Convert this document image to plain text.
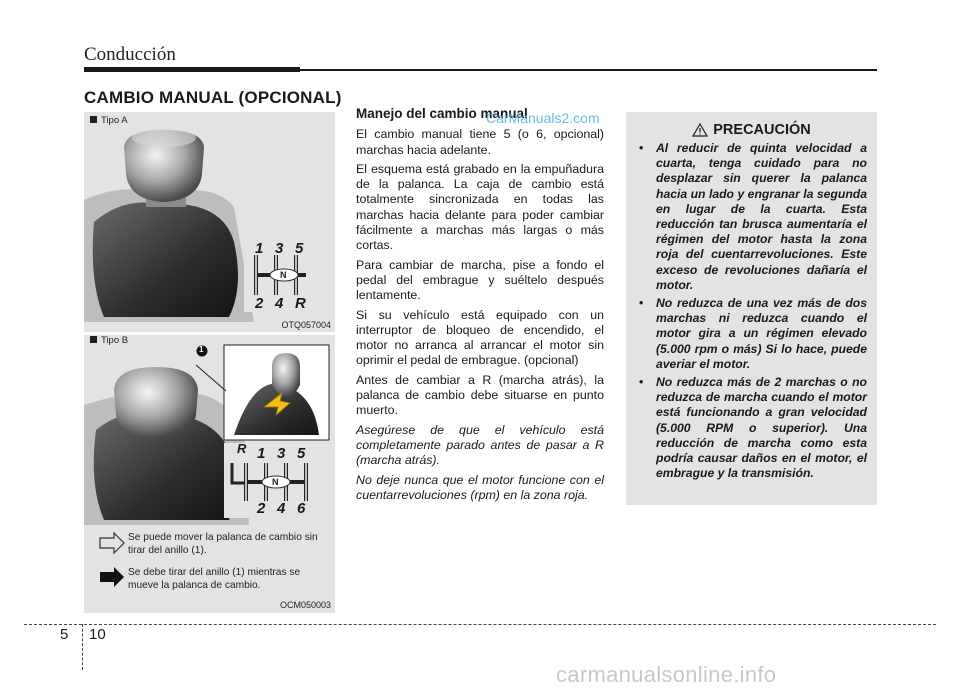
Conducción
CAMBIO MANUAL (OPCIONAL)
Tipo A
1 3 5
2 4 R
N
OTQ057004
Tipo B
1
R 1 3 5
2 4 6
N
Se puede mover la palanca de cambio sin tirar del anillo (1).
Se debe tirar del anillo (1) mientras se mueve la palanca de cambio.
OCM050003
Manejo del cambio manual

El cambio manual tiene 5 (o 6, opcional) marchas hacia adelante.

El esquema está grabado en la empuñadura de la palanca. La caja de cambio está totalmente sincronizada en todas las marchas hacia delante para poder cambiar fácilmente a marchas más largas o más cortas.

Para cambiar de marcha, pise a fondo el pedal del embrague y suéltelo después lentamente.

Si su vehículo está equipado con un interruptor de bloqueo de encendido, el motor no arranca al arrancar el motor sin oprimir el pedal de embrague. (opcional)

Antes de cambiar a R (marcha atrás), la palanca de cambio debe situarse en punto muerto.

Asegúrese de que el vehículo está completamente parado antes de pasar a R (marcha atrás).

No deje nunca que el motor funcione con el cuentarrevoluciones (rpm) en la zona roja.

CarManuals2.com
PRECAUCIÓN
• Al reducir de quinta velocidad a cuarta, tenga cuidado para no desplazar sin querer la palanca hacia un lado y engranar la segunda en lugar de la cuarta. Esta reducción tan brusca aumentaría el régimen del motor hasta la zona roja del cuentarrevoluciones. Este exceso de revoluciones dañaría el motor.
• No reduzca de una vez más de dos marchas ni reduzca cuando el motor gira a un régimen elevado (5.000 rpm o más) Si lo hace, puede averiar el motor.
• No reduzca más de 2 marchas o no reduzca de marcha cuando el motor está funcionando a gran velocidad (5.000 RPM o superior). Una reducción de marcha como esta podría causar daños en el motor, el embrague y la transmisión.
5 10
carmanualsonline.info
